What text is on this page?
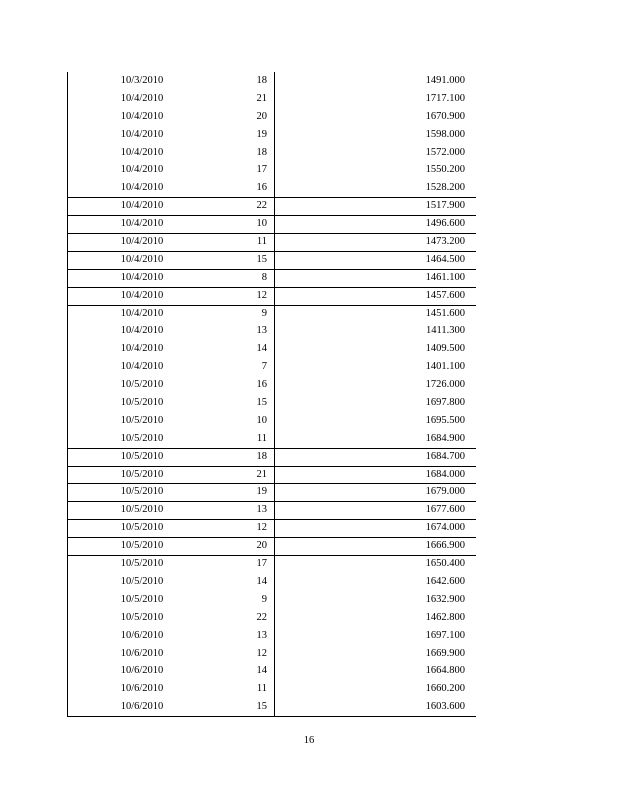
10/3/2010	18	1491.000
10/4/2010	21	1717.100
10/4/2010	20	1670.900
10/4/2010	19	1598.000
10/4/2010	18	1572.000
10/4/2010	17	1550.200
10/4/2010	16	1528.200
10/4/2010	22	1517.900
10/4/2010	10	1496.600
10/4/2010	11	1473.200
10/4/2010	15	1464.500
10/4/2010	8	1461.100
10/4/2010	12	1457.600
10/4/2010	9	1451.600
10/4/2010	13	1411.300
10/4/2010	14	1409.500
10/4/2010	7	1401.100
10/5/2010	16	1726.000
10/5/2010	15	1697.800
10/5/2010	10	1695.500
10/5/2010	11	1684.900
10/5/2010	18	1684.700
10/5/2010	21	1684.000
10/5/2010	19	1679.000
10/5/2010	13	1677.600
10/5/2010	12	1674.000
10/5/2010	20	1666.900
10/5/2010	17	1650.400
10/5/2010	14	1642.600
10/5/2010	9	1632.900
10/5/2010	22	1462.800
10/6/2010	13	1697.100
10/6/2010	12	1669.900
10/6/2010	14	1664.800
10/6/2010	11	1660.200
10/6/2010	15	1603.600
16
